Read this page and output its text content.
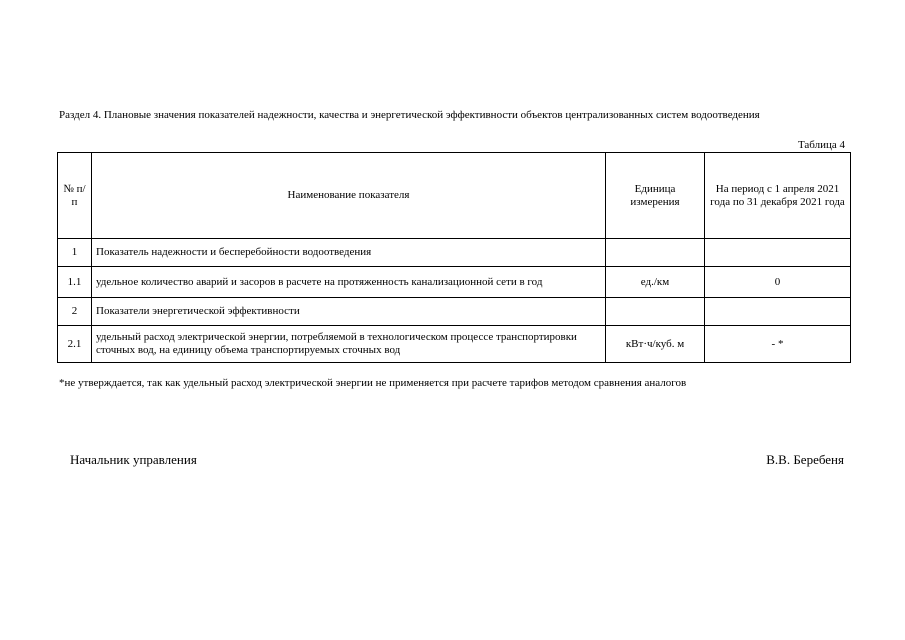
Раздел 4. Плановые значения показателей надежности, качества и энергетической эффективности объектов централизованных систем водоотведения
Таблица 4
№ п/п	Наименование показателя	Единица измерения	На период с 1 апреля 2021 года по 31 декабря 2021 года
1	Показатель надежности и бесперебойности водоотведения		
1.1	удельное количество аварий и засоров в расчете на протяженность канализационной сети в год	ед./км	0
2	Показатели энергетической эффективности		
2.1	удельный расход электрической энергии, потребляемой в технологическом процессе транспортировки сточных вод, на единицу объема транспортируемых сточных вод	кВт·ч/куб. м	- *
*не утверждается, так как удельный расход электрической энергии не применяется при расчете тарифов методом сравнения аналогов
Начальник управления	В.В. Беребеня
